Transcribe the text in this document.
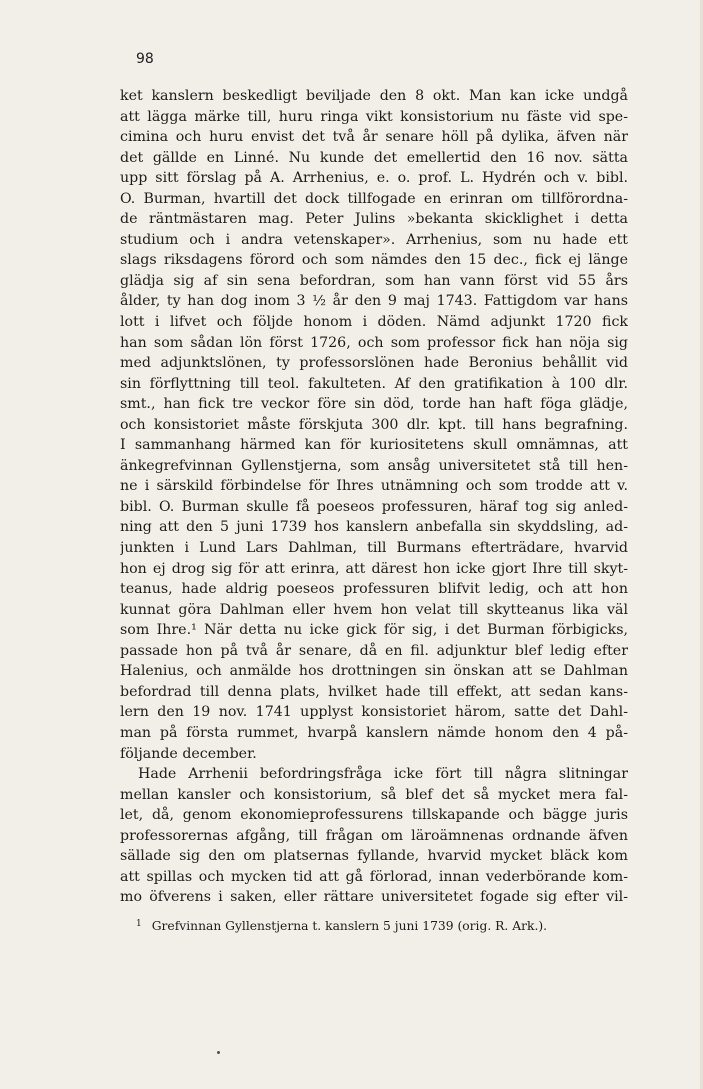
98
ket kanslern beskedligt beviljade den 8 okt. Man kan icke undgå
att lägga märke till, huru ringa vikt konsistorium nu fäste vid spe-
cimina och huru envist det två år senare höll på dylika, äfven när
det gällde en Linné. Nu kunde det emellertid den 16 nov. sätta
upp sitt förslag på A. Arrhenius, e. o. prof. L. Hydrén och v. bibl.
O. Burman, hvartill det dock tillfogade en erinran om tillförordna-
de räntmästaren mag. Peter Julins »bekanta skicklighet i detta
studium och i andra vetenskaper». Arrhenius, som nu hade ett
slags riksdagens förord och som nämdes den 15 dec., fick ej länge
glädja sig af sin sena befordran, som han vann först vid 55 års
ålder, ty han dog inom 3 ½ år den 9 maj 1743. Fattigdom var hans
lott i lifvet och följde honom i döden. Nämd adjunkt 1720 fick
han som sådan lön först 1726, och som professor fick han nöja sig
med adjunktslönen, ty professorslönen hade Beronius behållit vid
sin förflyttning till teol. fakulteten. Af den gratifikation à 100 dlr.
smt., han fick tre veckor före sin död, torde han haft föga glädje,
och konsistoriet måste förskjuta 300 dlr. kpt. till hans begrafning.
I sammanhang härmed kan för kuriositetens skull omnämnas, att
änkegrefvinnan Gyllenstjerna, som ansåg universitetet stå till hen-
ne i särskild förbindelse för Ihres utnämning och som trodde att v.
bibl. O. Burman skulle få poeseos professuren, häraf tog sig anled-
ning att den 5 juni 1739 hos kanslern anbefalla sin skyddsling, ad-
junkten i Lund Lars Dahlman, till Burmans efterträdare, hvarvid
hon ej drog sig för att erinra, att därest hon icke gjort Ihre till skyt-
teanus, hade aldrig poeseos professuren blifvit ledig, och att hon
kunnat göra Dahlman eller hvem hon velat till skytteanus lika väl
som Ihre.¹ När detta nu icke gick för sig, i det Burman förbigicks,
passade hon på två år senare, då en fil. adjunktur blef ledig efter
Halenius, och anmälde hos drottningen sin önskan att se Dahlman
befordrad till denna plats, hvilket hade till effekt, att sedan kans-
lern den 19 nov. 1741 upplyst konsistoriet härom, satte det Dahl-
man på första rummet, hvarpå kanslern nämde honom den 4 på-
följande december.
Hade Arrhenii befordringsfråga icke fört till några slitningar
mellan kansler och konsistorium, så blef det så mycket mera fal-
let, då, genom ekonomieprofessurens tillskapande och bägge juris
professorernas afgång, till frågan om läroämnenas ordnande äfven
sällade sig den om platsernas fyllande, hvarvid mycket bläck kom
att spillas och mycken tid att gå förlorad, innan vederbörande kom-
mo öfverens i saken, eller rättare universitetet fogade sig efter vil-
$^1$ Grefvinnan Gyllenstjerna t. kanslern 5 juni 1739 (orig. R. Ark.).
